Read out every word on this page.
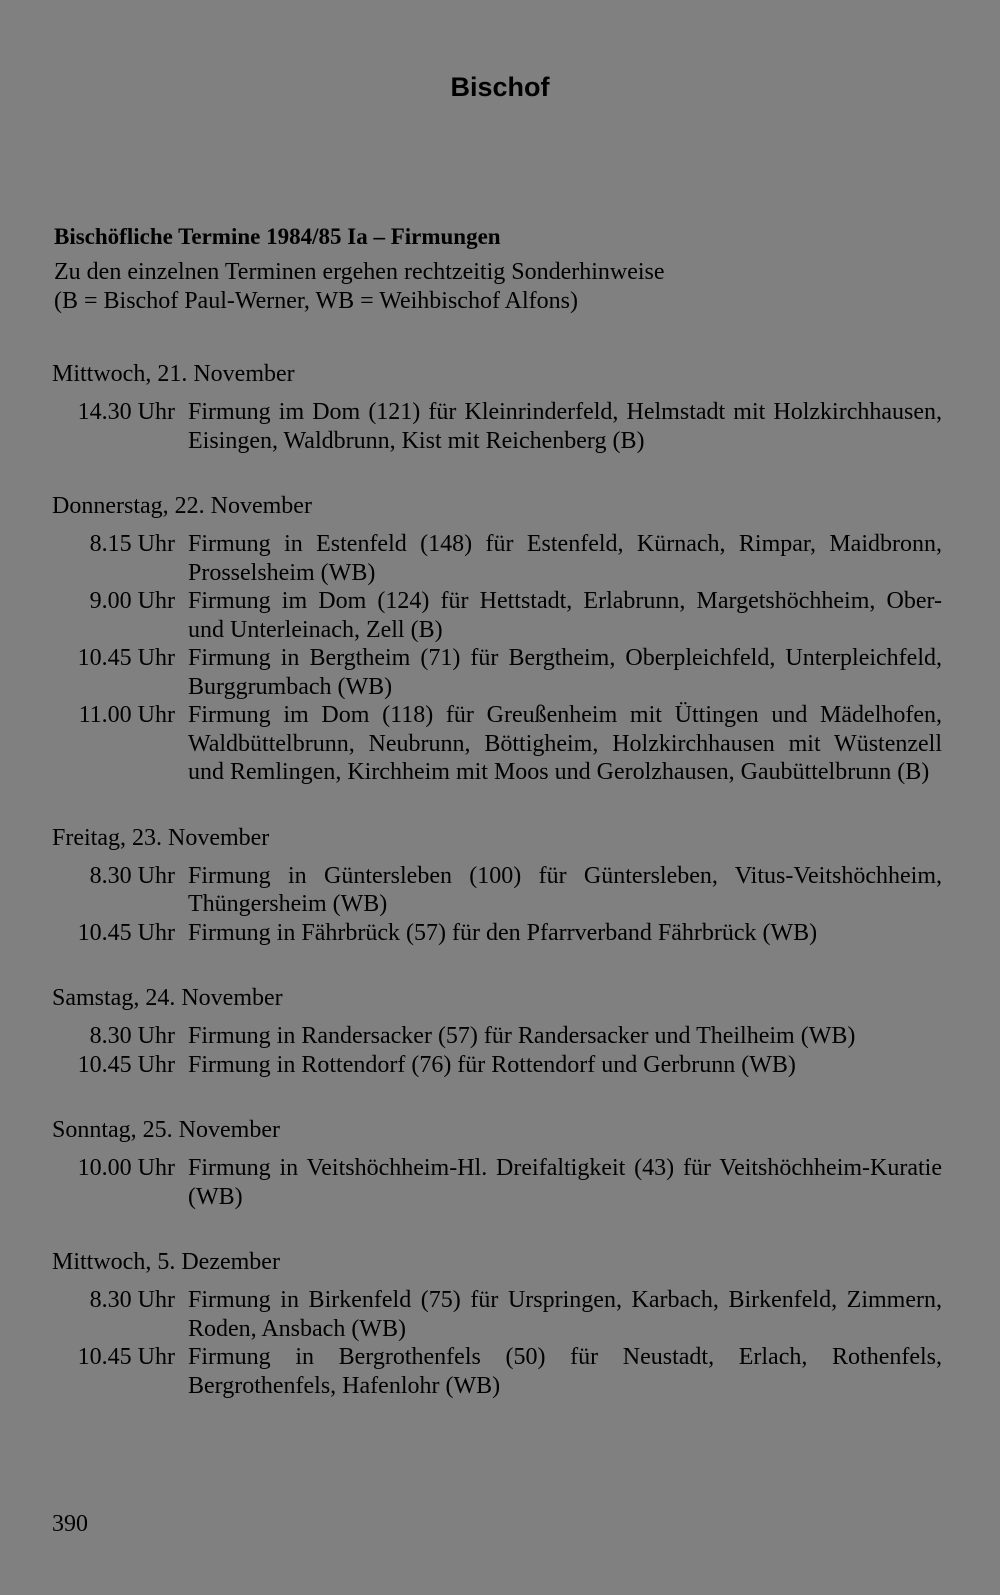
Bischof
Bischöfliche Termine 1984/85 Ia – Firmungen
Zu den einzelnen Terminen ergehen rechtzeitig Sonderhinweise
(B = Bischof Paul-Werner, WB = Weihbischof Alfons)
Mittwoch, 21. November
14.30 Uhr Firmung im Dom (121) für Kleinrinderfeld, Helmstadt mit Holzkirchhausen, Eisingen, Waldbrunn, Kist mit Reichenberg (B)
Donnerstag, 22. November
8.15 Uhr Firmung in Estenfeld (148) für Estenfeld, Kürnach, Rimpar, Maidbronn, Prosselsheim (WB)
9.00 Uhr Firmung im Dom (124) für Hettstadt, Erlabrunn, Margetshöchheim, Ober- und Unterleinach, Zell (B)
10.45 Uhr Firmung in Bergtheim (71) für Bergtheim, Oberpleichfeld, Unterpleichfeld, Burggrumbach (WB)
11.00 Uhr Firmung im Dom (118) für Greußenheim mit Üttingen und Mädelhofen, Waldbüttelbrunn, Neubrunn, Böttigheim, Holzkirchhausen mit Wüstenzell und Remlingen, Kirchheim mit Moos und Gerolzhausen, Gaubüttelbrunn (B)
Freitag, 23. November
8.30 Uhr Firmung in Güntersleben (100) für Güntersleben, Vitus-Veitshöchheim, Thüngersheim (WB)
10.45 Uhr Firmung in Fährbrück (57) für den Pfarrverband Fährbrück (WB)
Samstag, 24. November
8.30 Uhr Firmung in Randersacker (57) für Randersacker und Theilheim (WB)
10.45 Uhr Firmung in Rottendorf (76) für Rottendorf und Gerbrunn (WB)
Sonntag, 25. November
10.00 Uhr Firmung in Veitshöchheim-Hl. Dreifaltigkeit (43) für Veitshöchheim-Kuratie (WB)
Mittwoch, 5. Dezember
8.30 Uhr Firmung in Birkenfeld (75) für Urspringen, Karbach, Birkenfeld, Zimmern, Roden, Ansbach (WB)
10.45 Uhr Firmung in Bergrothenfels (50) für Neustadt, Erlach, Rothenfels, Bergrothenfels, Hafenlohr (WB)
390
